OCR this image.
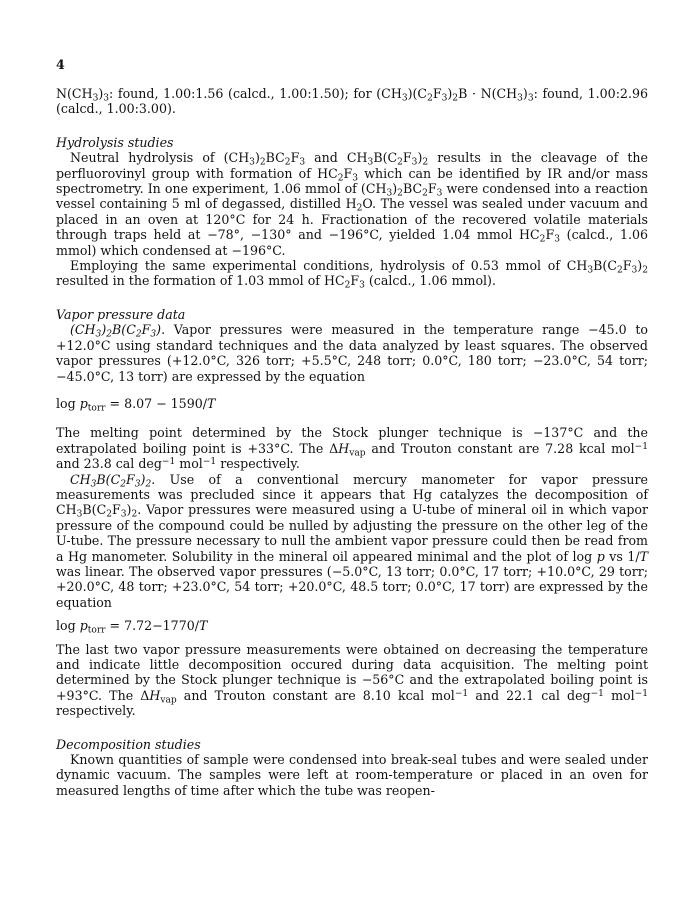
4

$N(CH_3)_3$: found, 1.00:1.56 (calcd., 1.00:1.50); for $(CH_3)(C_2F_3)_2B \cdot N(CH_3)_3$: found, 1.00:2.96 (calcd., 1.00:3.00).

Hydrolysis studies

Neutral hydrolysis of $(CH_3)_2BC_2F_3$ and $CH_3B(C_2F_3)_2$ results in the cleavage of the perfluorovinyl group with formation of $HC_2F_3$ which can be identified by IR and/or mass spectrometry. In one experiment, 1.06 mmol of $(CH_3)_2BC_2F_3$ were condensed into a reaction vessel containing 5 ml of degassed, distilled $H_2O$. The vessel was sealed under vacuum and placed in an oven at 120°C for 24 h. Fractionation of the recovered volatile materials through traps held at −78°, −130° and −196°C, yielded 1.04 mmol $HC_2F_3$ (calcd., 1.06 mmol) which condensed at −196°C.

Employing the same experimental conditions, hydrolysis of 0.53 mmol of $CH_3B(C_2F_3)_2$ resulted in the formation of 1.03 mmol of $HC_2F_3$ (calcd., 1.06 mmol).

Vapor pressure data

$(CH_3)_2B(C_2F_3)$. Vapor pressures were measured in the temperature range −45.0 to +12.0°C using standard techniques and the data analyzed by least squares. The observed vapor pressures (+12.0°C, 326 torr; +5.5°C, 248 torr; 0.0°C, 180 torr; −23.0°C, 54 torr; −45.0°C, 13 torr) are expressed by the equation

$\log p_{torr} = 8.07 - 1590/T$

The melting point determined by the Stock plunger technique is −137°C and the extrapolated boiling point is +33°C. The $\Delta H_{vap}$ and Trouton constant are 7.28 kcal mol$^{-1}$ and 23.8 cal deg$^{-1}$ mol$^{-1}$ respectively.

$CH_3B(C_2F_3)_2$. Use of a conventional mercury manometer for vapor pressure measurements was precluded since it appears that Hg catalyzes the decomposition of $CH_3B(C_2F_3)_2$. Vapor pressures were measured using a U-tube of mineral oil in which vapor pressure of the compound could be nulled by adjusting the pressure on the other leg of the U-tube. The pressure necessary to null the ambient vapor pressure could then be read from a Hg manometer. Solubility in the mineral oil appeared minimal and the plot of log p vs 1/T was linear. The observed vapor pressures (−5.0°C, 13 torr; 0.0°C, 17 torr; +10.0°C, 29 torr; +20.0°C, 48 torr; +23.0°C, 54 torr; +20.0°C, 48.5 torr; 0.0°C, 17 torr) are expressed by the equation

$\log p_{torr} = 7.72-1770/T$

The last two vapor pressure measurements were obtained on decreasing the temperature and indicate little decomposition occured during data acquisition. The melting point determined by the Stock plunger technique is −56°C and the extrapolated boiling point is +93°C. The $\Delta H_{vap}$ and Trouton constant are 8.10 kcal mol$^{-1}$ and 22.1 cal deg$^{-1}$ mol$^{-1}$ respectively.

Decomposition studies

Known quantities of sample were condensed into break-seal tubes and were sealed under dynamic vacuum. The samples were left at room-temperature or placed in an oven for measured lengths of time after which the tube was reopen-
